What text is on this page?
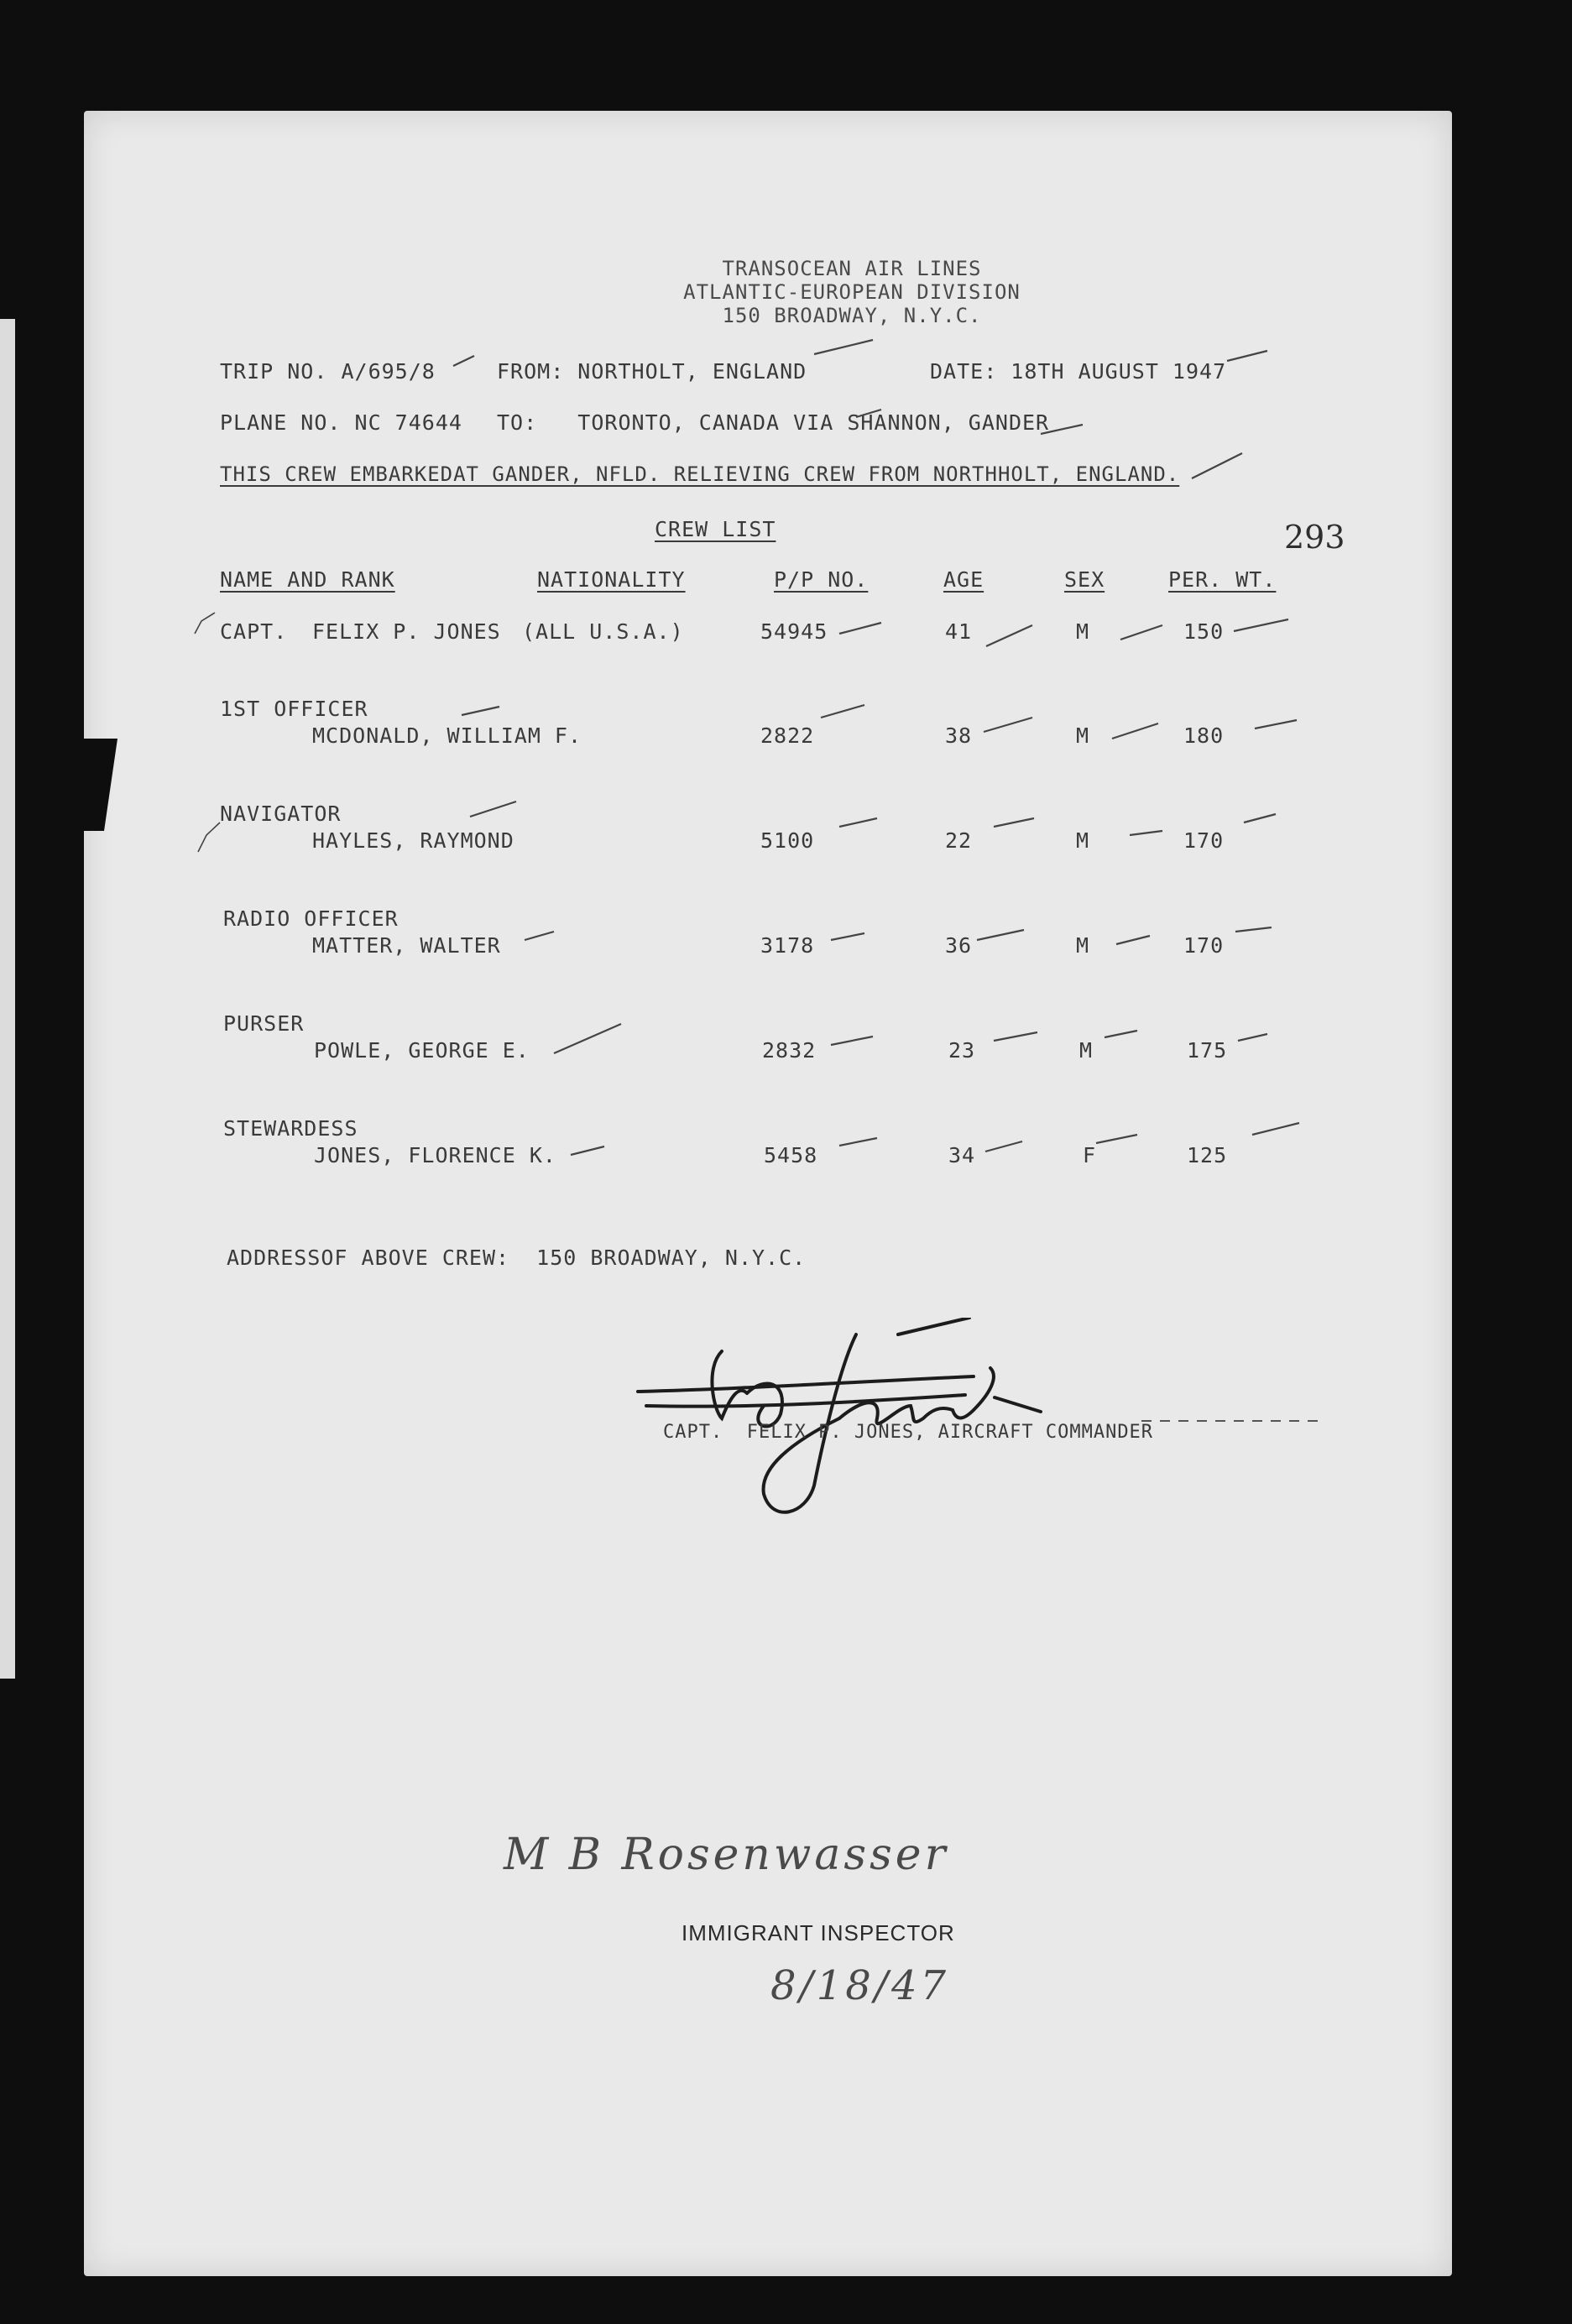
TRANSOCEAN AIR LINES
ATLANTIC-EUROPEAN DIVISION
150 BROADWAY, N.Y.C.
TRIP NO. A/695/8	FROM: NORTHOLT, ENGLAND	DATE: 18TH AUGUST 1947
PLANE NO. NC 74644 TO:   TORONTO, CANADA VIA SHANNON, GANDER
THIS CREW EMBARKEDAT GANDER, NFLD. RELIEVING CREW FROM NORTHHOLT, ENGLAND.
CREW LIST	293
NAME AND RANK	NATIONALITY	P/P NO.	AGE	SEX	PER. WT.
CAPT. FELIX P. JONES (ALL U.S.A.)	54945	41	M	150
1ST OFFICER
MCDONALD, WILLIAM F.	2822	38	M	180
NAVIGATOR
HAYLES, RAYMOND	5100	22	M	170
RADIO OFFICER
MATTER, WALTER	3178	36	M	170
PURSER
POWLE, GEORGE E.	2832	23	M	175
STEWARDESS
JONES, FLORENCE K.	5458	34	F	125
ADDRESSOF ABOVE CREW:  150 BROADWAY, N.Y.C.
CAPT.  FELIX P. JONES, AIRCRAFT COMMANDER
M B Rosenwasser
IMMIGRANT INSPECTOR
8/18/47
